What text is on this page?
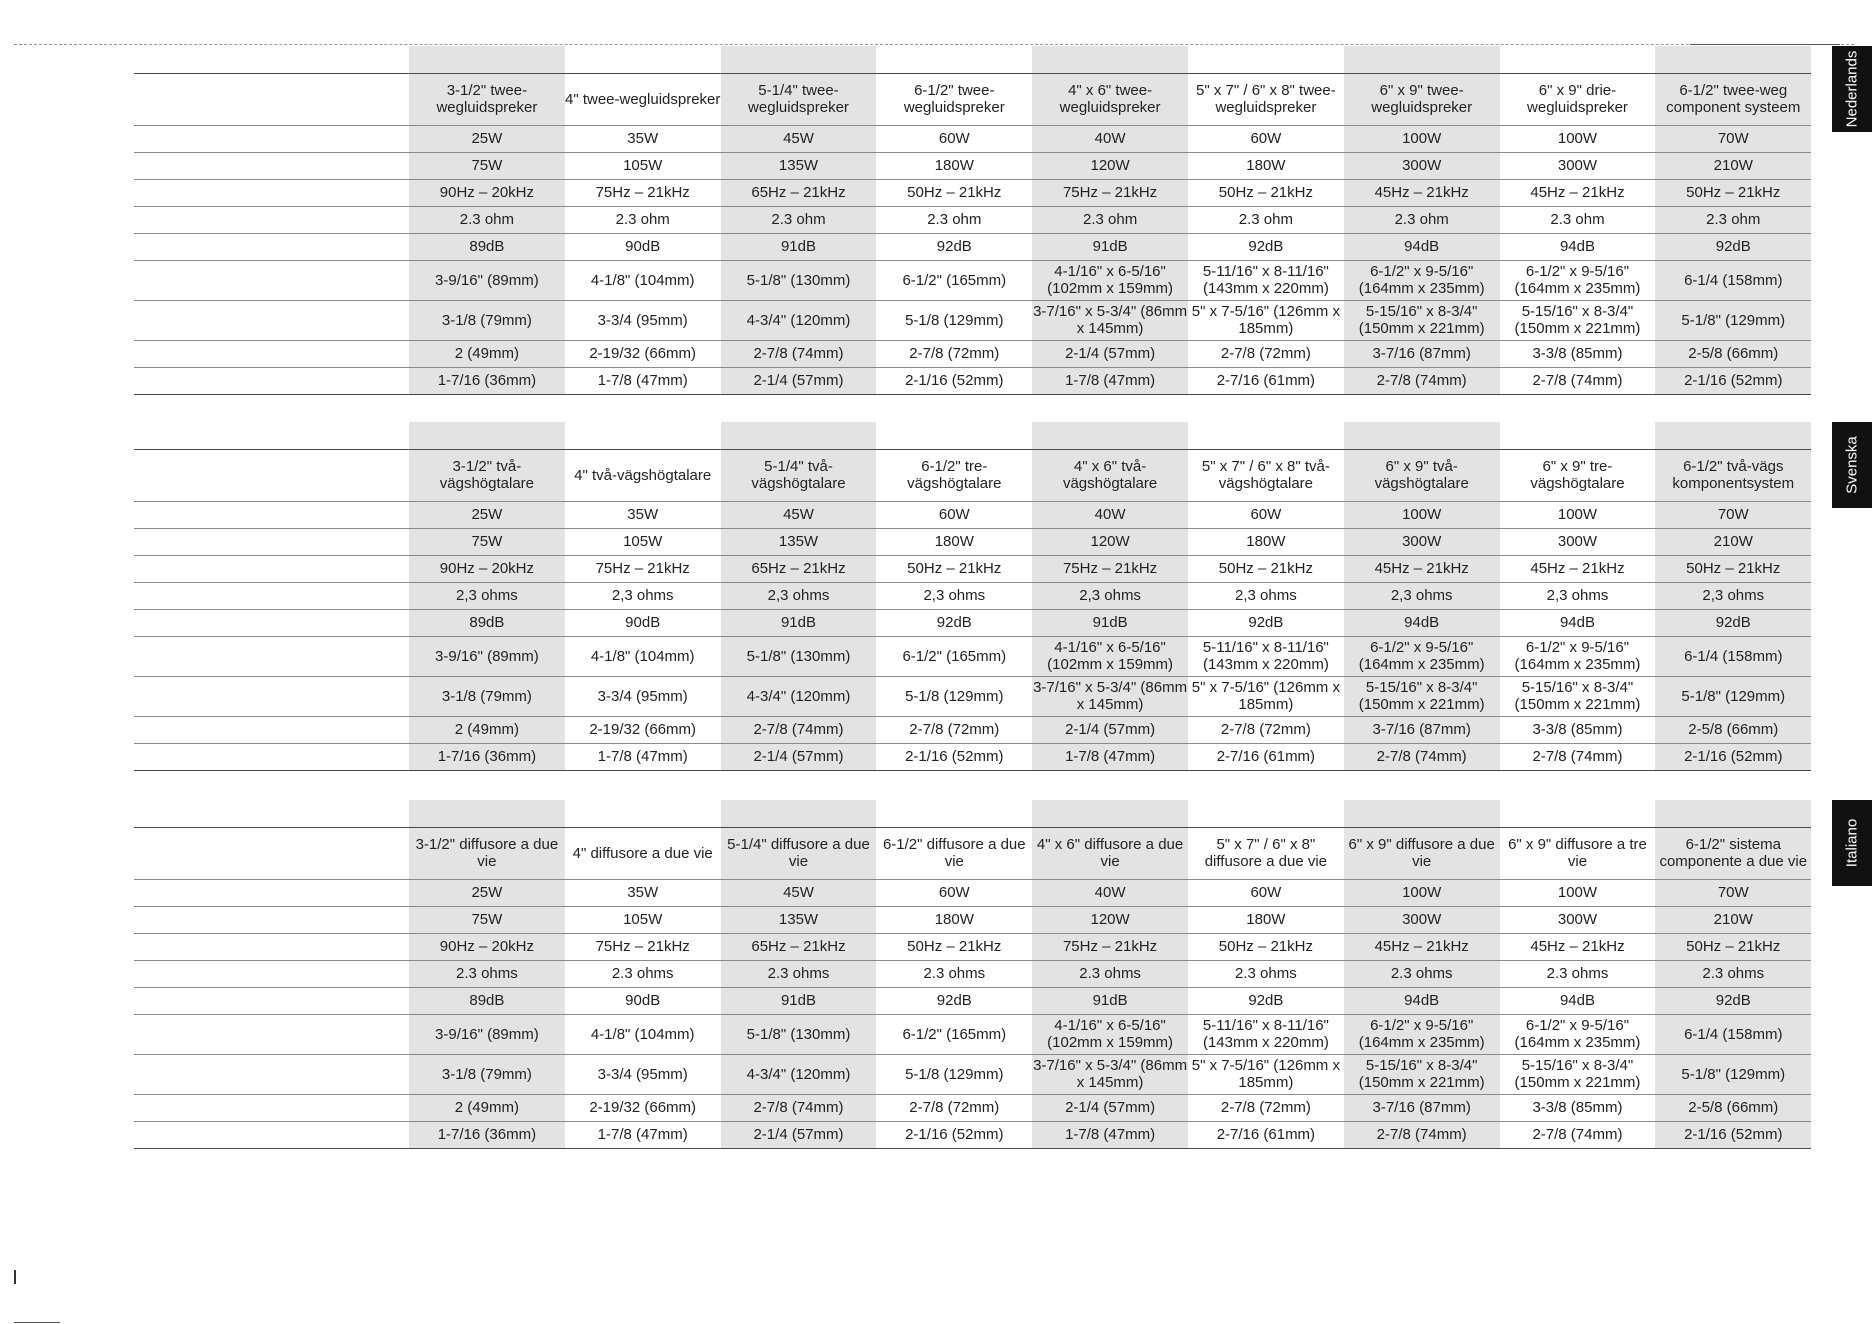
	3-1/2" twee-wegluidspreker	4" twee-wegluidspreker	5-1/4" twee-wegluidspreker	6-1/2" twee-wegluidspreker	4" x 6" twee-wegluidspreker	5" x 7" / 6" x 8" twee-wegluidspreker	6" x 9" twee-wegluidspreker	6" x 9" drie-wegluidspreker	6-1/2" twee-weg component systeem
	25W	35W	45W	60W	40W	60W	100W	100W	70W
	75W	105W	135W	180W	120W	180W	300W	300W	210W
	90Hz – 20kHz	75Hz – 21kHz	65Hz – 21kHz	50Hz – 21kHz	75Hz – 21kHz	50Hz – 21kHz	45Hz – 21kHz	45Hz – 21kHz	50Hz – 21kHz
	2.3 ohm	2.3 ohm	2.3 ohm	2.3 ohm	2.3 ohm	2.3 ohm	2.3 ohm	2.3 ohm	2.3 ohm
	89dB	90dB	91dB	92dB	91dB	92dB	94dB	94dB	92dB
	3-9/16" (89mm)	4-1/8" (104mm)	5-1/8" (130mm)	6-1/2" (165mm)	4-1/16" x 6-5/16" (102mm x 159mm)	5-11/16" x 8-11/16" (143mm x 220mm)	6-1/2" x 9-5/16" (164mm x 235mm)	6-1/2" x 9-5/16" (164mm x 235mm)	6-1/4 (158mm)
	3-1/8 (79mm)	3-3/4 (95mm)	4-3/4" (120mm)	5-1/8 (129mm)	3-7/16" x 5-3/4" (86mm x 145mm)	5" x 7-5/16" (126mm x 185mm)	5-15/16" x 8-3/4" (150mm x 221mm)	5-15/16" x 8-3/4" (150mm x 221mm)	5-1/8" (129mm)
	2 (49mm)	2-19/32 (66mm)	2-7/8 (74mm)	2-7/8 (72mm)	2-1/4 (57mm)	2-7/8 (72mm)	3-7/16 (87mm)	3-3/8 (85mm)	2-5/8 (66mm)
	1-7/16 (36mm)	1-7/8 (47mm)	2-1/4 (57mm)	2-1/16 (52mm)	1-7/8 (47mm)	2-7/16 (61mm)	2-7/8 (74mm)	2-7/8 (74mm)	2-1/16 (52mm)

	3-1/2" två-vägshögtalare	4" två-vägshögtalare	5-1/4" två-vägshögtalare	6-1/2" tre-vägshögtalare	4" x 6" två-vägshögtalare	5" x 7" / 6" x 8" två-vägshögtalare	6" x 9" två-vägshögtalare	6" x 9" tre-vägshögtalare	6-1/2" två-vägs komponentsystem
	25W	35W	45W	60W	40W	60W	100W	100W	70W
	75W	105W	135W	180W	120W	180W	300W	300W	210W
	90Hz – 20kHz	75Hz – 21kHz	65Hz – 21kHz	50Hz – 21kHz	75Hz – 21kHz	50Hz – 21kHz	45Hz – 21kHz	45Hz – 21kHz	50Hz – 21kHz
	2,3 ohms	2,3 ohms	2,3 ohms	2,3 ohms	2,3 ohms	2,3 ohms	2,3 ohms	2,3 ohms	2,3 ohms
	89dB	90dB	91dB	92dB	91dB	92dB	94dB	94dB	92dB
	3-9/16" (89mm)	4-1/8" (104mm)	5-1/8" (130mm)	6-1/2" (165mm)	4-1/16" x 6-5/16" (102mm x 159mm)	5-11/16" x 8-11/16" (143mm x 220mm)	6-1/2" x 9-5/16" (164mm x 235mm)	6-1/2" x 9-5/16" (164mm x 235mm)	6-1/4 (158mm)
	3-1/8 (79mm)	3-3/4 (95mm)	4-3/4" (120mm)	5-1/8 (129mm)	3-7/16" x 5-3/4" (86mm x 145mm)	5" x 7-5/16" (126mm x 185mm)	5-15/16" x 8-3/4" (150mm x 221mm)	5-15/16" x 8-3/4" (150mm x 221mm)	5-1/8" (129mm)
	2 (49mm)	2-19/32 (66mm)	2-7/8 (74mm)	2-7/8 (72mm)	2-1/4 (57mm)	2-7/8 (72mm)	3-7/16 (87mm)	3-3/8 (85mm)	2-5/8 (66mm)
	1-7/16 (36mm)	1-7/8 (47mm)	2-1/4 (57mm)	2-1/16 (52mm)	1-7/8 (47mm)	2-7/16 (61mm)	2-7/8 (74mm)	2-7/8 (74mm)	2-1/16 (52mm)

	3-1/2" diffusore a due vie	4" diffusore a due vie	5-1/4" diffusore a due vie	6-1/2" diffusore a due vie	4" x 6" diffusore a due vie	5" x 7" / 6" x 8" diffusore a due vie	6" x 9" diffusore a due vie	6" x 9" diffusore a tre vie	6-1/2" sistema componente a due vie
	25W	35W	45W	60W	40W	60W	100W	100W	70W
	75W	105W	135W	180W	120W	180W	300W	300W	210W
	90Hz – 20kHz	75Hz – 21kHz	65Hz – 21kHz	50Hz – 21kHz	75Hz – 21kHz	50Hz – 21kHz	45Hz – 21kHz	45Hz – 21kHz	50Hz – 21kHz
	2.3 ohms	2.3 ohms	2.3 ohms	2.3 ohms	2.3 ohms	2.3 ohms	2.3 ohms	2.3 ohms	2.3 ohms
	89dB	90dB	91dB	92dB	91dB	92dB	94dB	94dB	92dB
	3-9/16" (89mm)	4-1/8" (104mm)	5-1/8" (130mm)	6-1/2" (165mm)	4-1/16" x 6-5/16" (102mm x 159mm)	5-11/16" x 8-11/16" (143mm x 220mm)	6-1/2" x 9-5/16" (164mm x 235mm)	6-1/2" x 9-5/16" (164mm x 235mm)	6-1/4 (158mm)
	3-1/8 (79mm)	3-3/4 (95mm)	4-3/4" (120mm)	5-1/8 (129mm)	3-7/16" x 5-3/4" (86mm x 145mm)	5" x 7-5/16" (126mm x 185mm)	5-15/16" x 8-3/4" (150mm x 221mm)	5-15/16" x 8-3/4" (150mm x 221mm)	5-1/8" (129mm)
	2 (49mm)	2-19/32 (66mm)	2-7/8 (74mm)	2-7/8 (72mm)	2-1/4 (57mm)	2-7/8 (72mm)	3-7/16 (87mm)	3-3/8 (85mm)	2-5/8 (66mm)
	1-7/16 (36mm)	1-7/8 (47mm)	2-1/4 (57mm)	2-1/16 (52mm)	1-7/8 (47mm)	2-7/16 (61mm)	2-7/8 (74mm)	2-7/8 (74mm)	2-1/16 (52mm)
Nederlands
Svenska
Italiano
